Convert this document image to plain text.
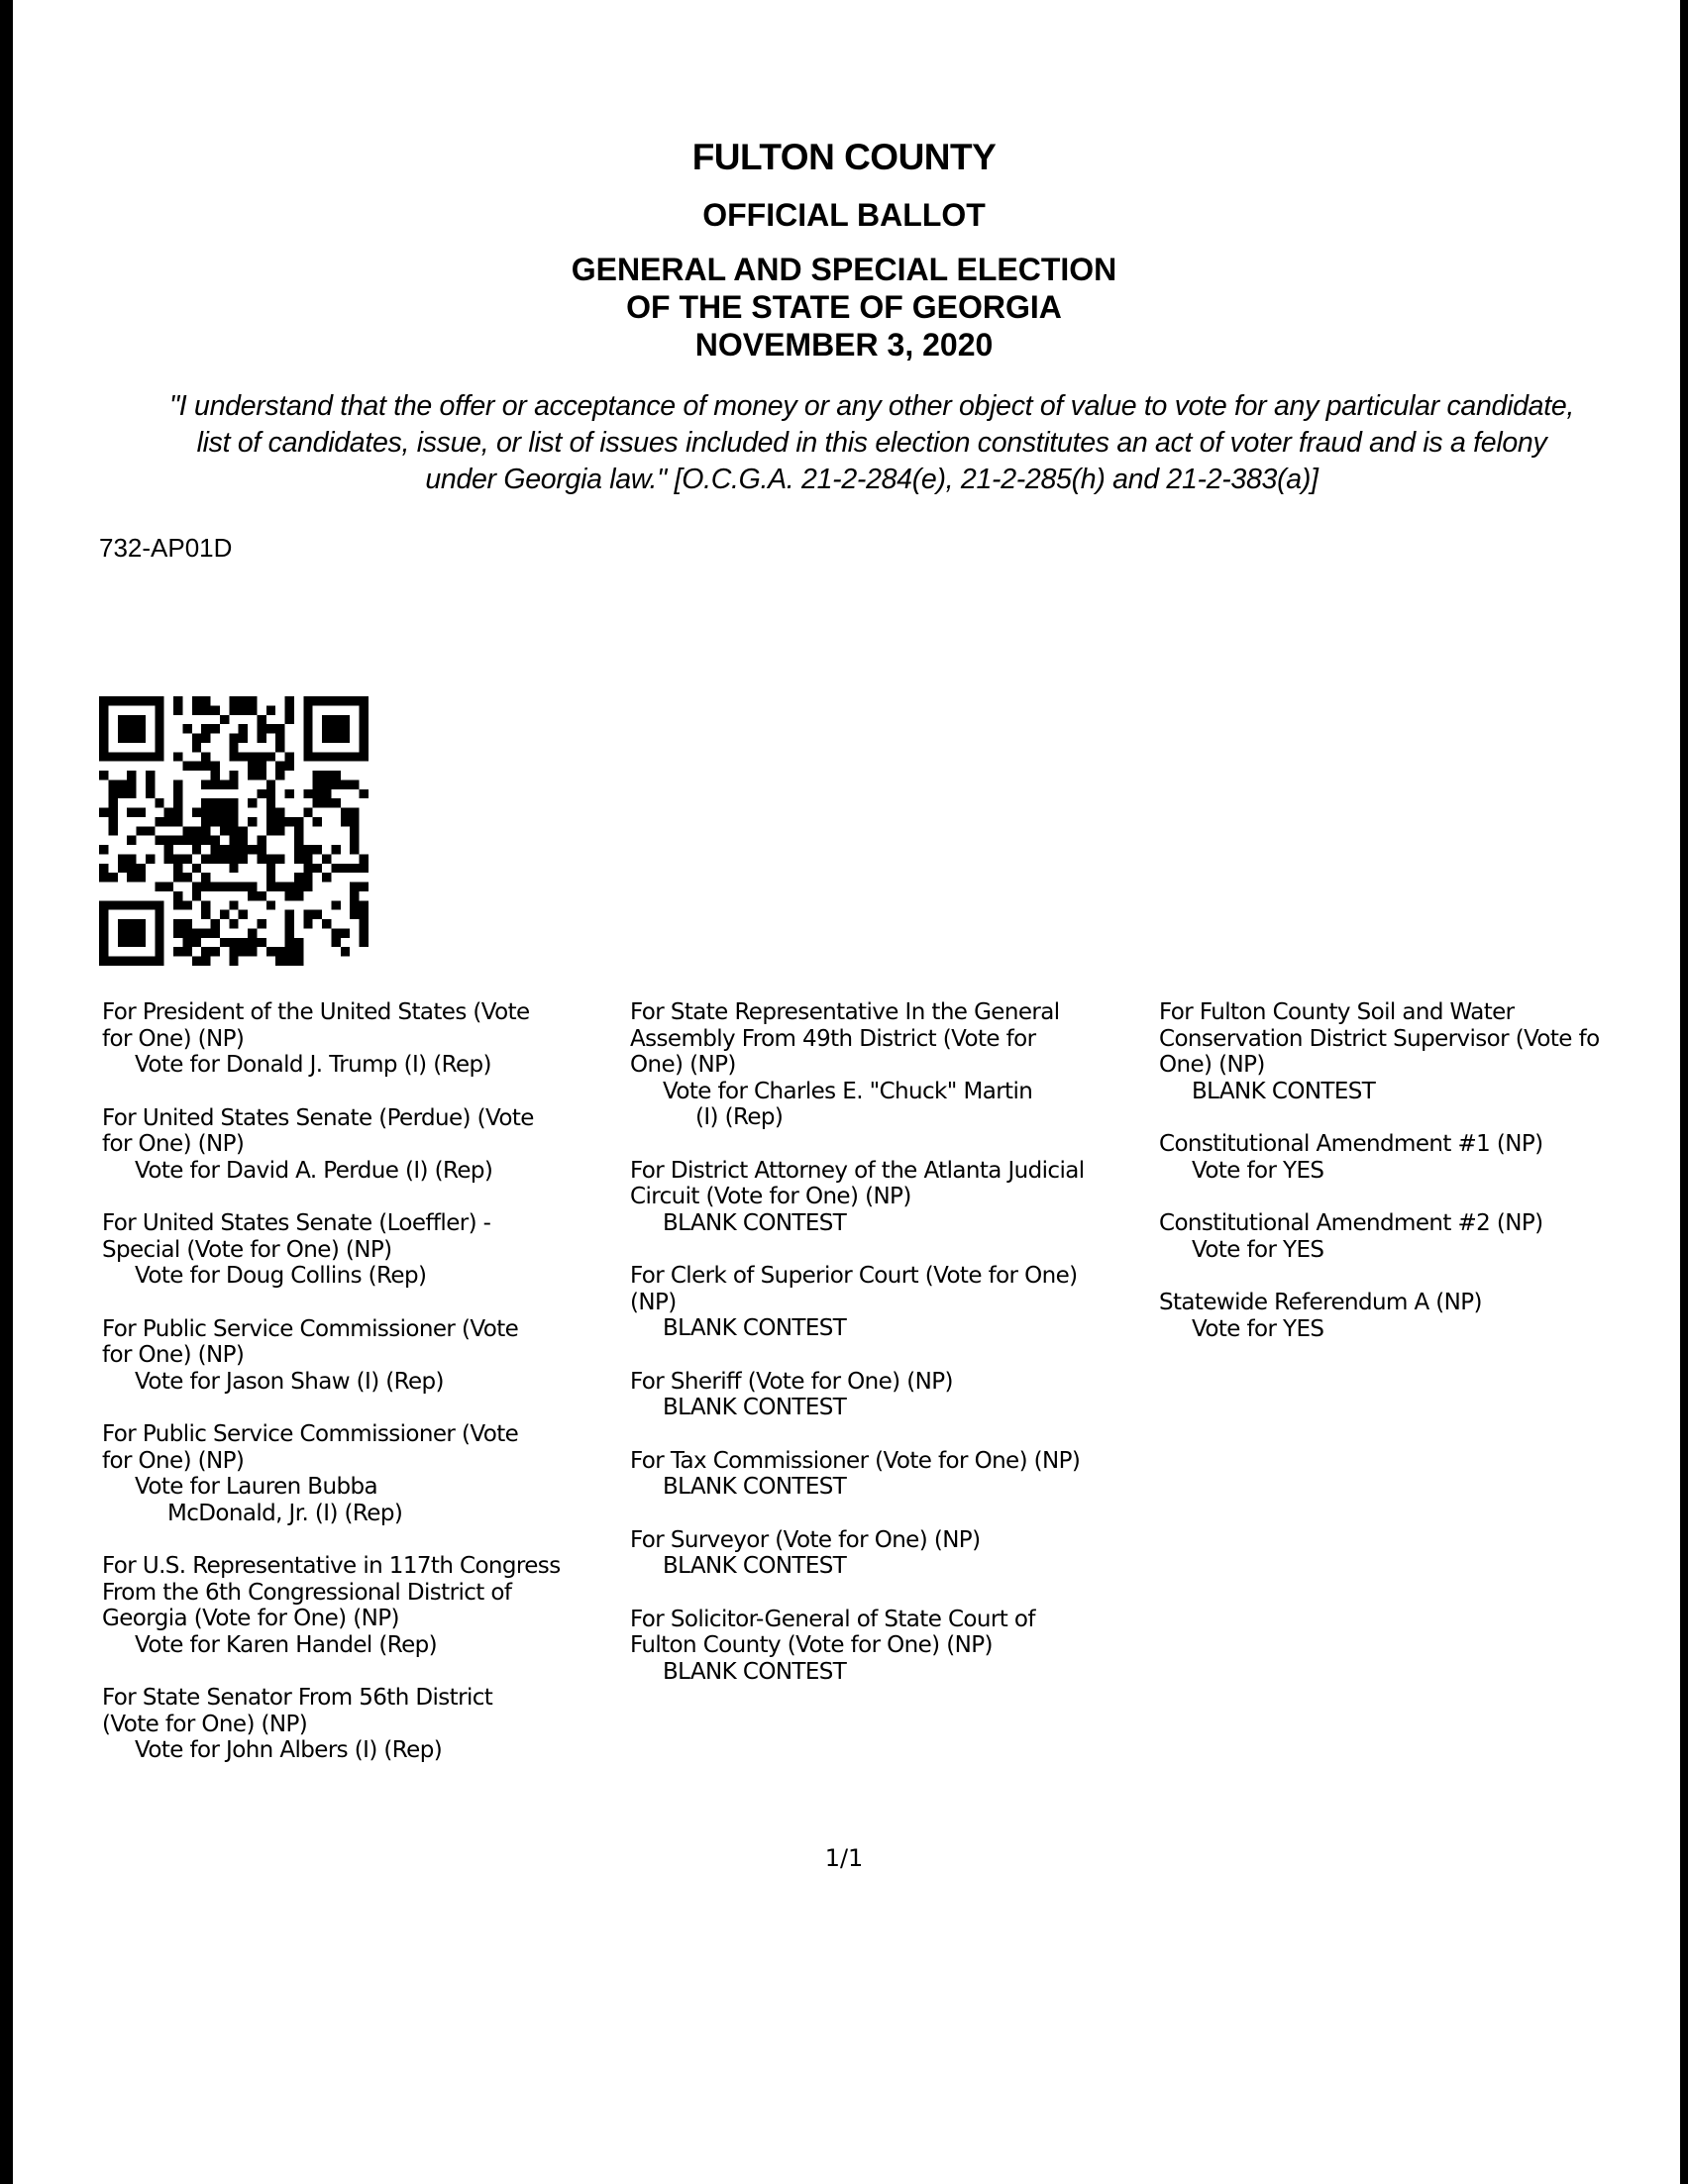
FULTON COUNTY
OFFICIAL BALLOT
GENERAL AND SPECIAL ELECTION
OF THE STATE OF GEORGIA
NOVEMBER 3, 2020
"I understand that the offer or acceptance of money or any other object of value to vote for any particular candidate,
list of candidates, issue, or list of issues included in this election constitutes an act of voter fraud and is a felony
under Georgia law." [O.C.G.A. 21-2-284(e), 21-2-285(h) and 21-2-383(a)]
732-AP01D
For President of the United States (Vote
for One) (NP)
Vote for Donald J. Trump (I) (Rep)
For United States Senate (Perdue) (Vote
for One) (NP)
Vote for David A. Perdue (I) (Rep)
For United States Senate (Loeffler) -
Special (Vote for One) (NP)
Vote for Doug Collins (Rep)
For Public Service Commissioner (Vote
for One) (NP)
Vote for Jason Shaw (I) (Rep)
For Public Service Commissioner (Vote
for One) (NP)
Vote for Lauren Bubba
McDonald, Jr. (I) (Rep)
For U.S. Representative in 117th Congress
From the 6th Congressional District of
Georgia (Vote for One) (NP)
Vote for Karen Handel (Rep)
For State Senator From 56th District
(Vote for One) (NP)
Vote for John Albers (I) (Rep)
For State Representative In the General
Assembly From 49th District (Vote for
One) (NP)
Vote for Charles E. "Chuck" Martin
(I) (Rep)
For District Attorney of the Atlanta Judicial
Circuit (Vote for One) (NP)
BLANK CONTEST
For Clerk of Superior Court (Vote for One)
(NP)
BLANK CONTEST
For Sheriff (Vote for One) (NP)
BLANK CONTEST
For Tax Commissioner (Vote for One) (NP)
BLANK CONTEST
For Surveyor (Vote for One) (NP)
BLANK CONTEST
For Solicitor-General of State Court of
Fulton County (Vote for One) (NP)
BLANK CONTEST
For Fulton County Soil and Water
Conservation District Supervisor (Vote fo
One) (NP)
BLANK CONTEST
Constitutional Amendment #1 (NP)
Vote for YES
Constitutional Amendment #2 (NP)
Vote for YES
Statewide Referendum A (NP)
Vote for YES
1/1
